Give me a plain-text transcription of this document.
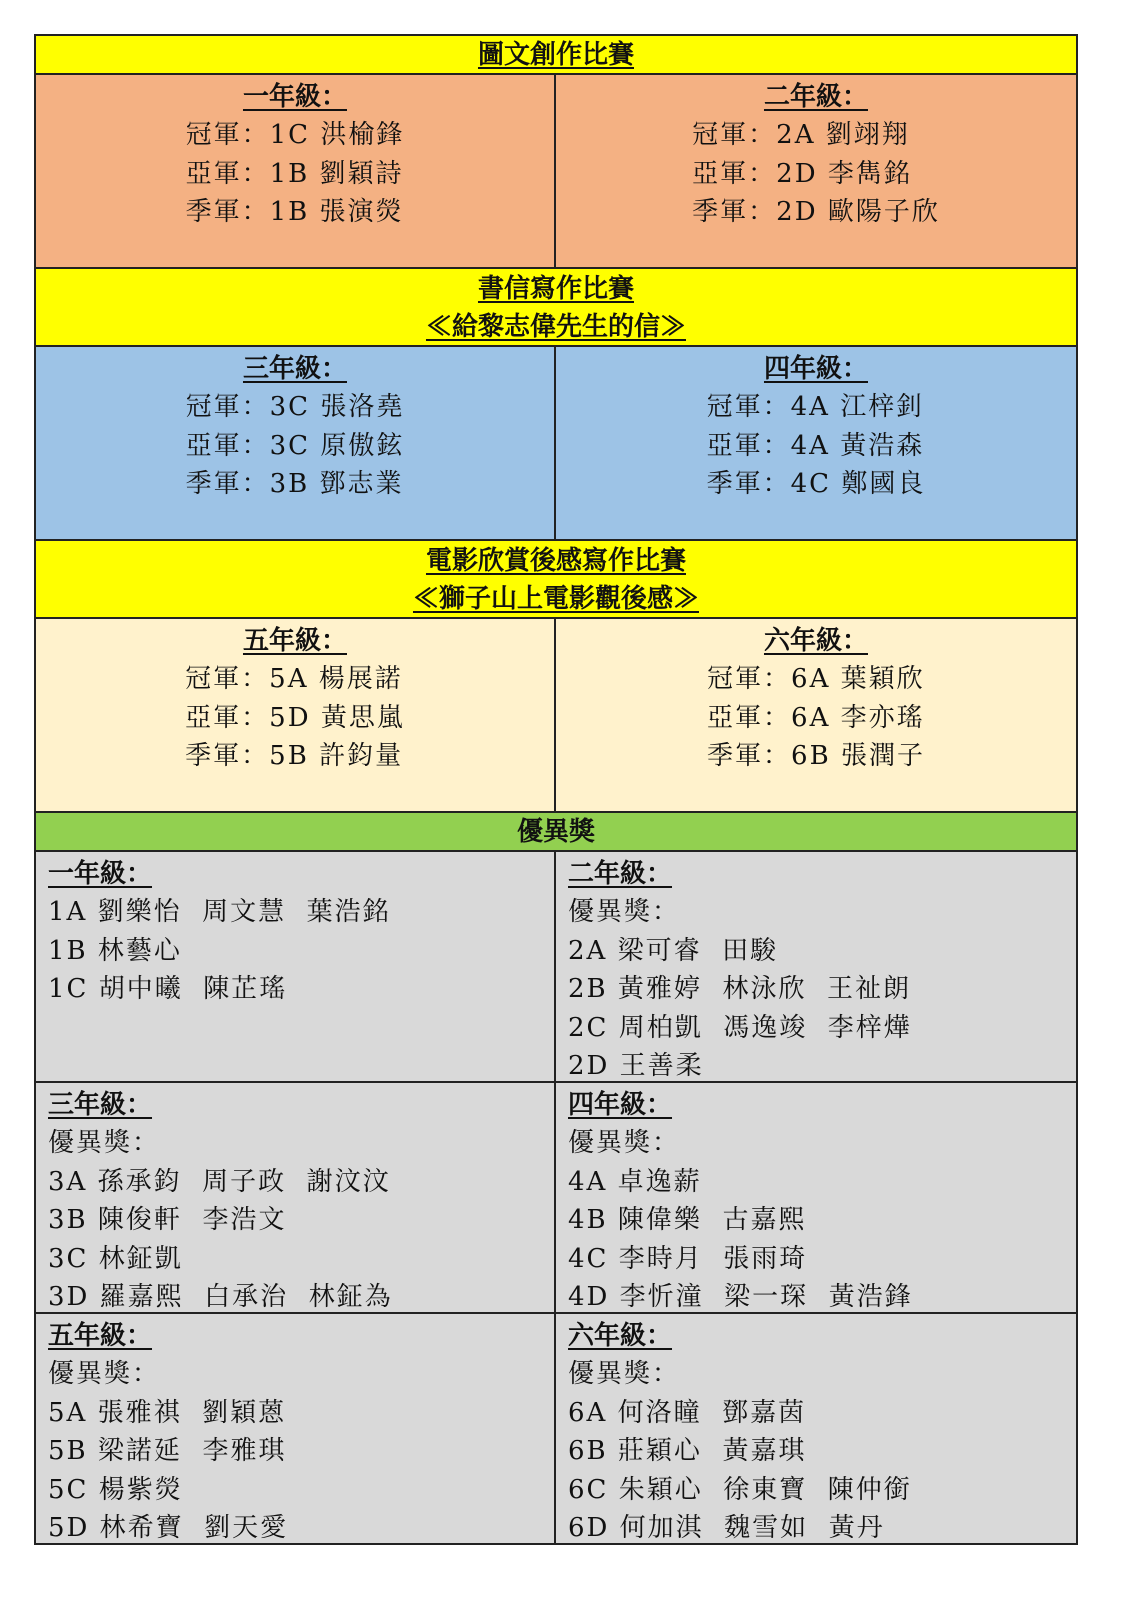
圖文創作比賽
一年級：
冠軍：1C 洪榆鋒
亞軍：1B 劉穎詩
季軍：1B 張演熒
二年級：
冠軍：2A 劉翊翔
亞軍：2D 李雋銘
季軍：2D 歐陽子欣
書信寫作比賽
≪給黎志偉先生的信≫
三年級：
冠軍：3C 張洛堯
亞軍：3C 原傲鉉
季軍：3B 鄧志業
四年級：
冠軍：4A 江梓釗
亞軍：4A 黃浩森
季軍：4C 鄭國良
電影欣賞後感寫作比賽
≪獅子山上電影觀後感≫
五年級：
冠軍：5A 楊展諾
亞軍：5D 黃思嵐
季軍：5B 許鈞量
六年級：
冠軍：6A 葉穎欣
亞軍：6A 李亦瑤
季軍：6B 張潤子
優異獎
一年級：
1A 劉樂怡  周文慧  葉浩銘
1B 林藝心
1C 胡中曦  陳芷瑤
二年級：
優異獎：
2A 梁可睿  田駿
2B 黃雅婷  林泳欣  王祉朗
2C 周柏凱  馮逸竣  李梓燁
2D 王善柔
三年級：
優異獎：
3A 孫承鈞  周子政  謝汶汶
3B 陳俊軒  李浩文
3C 林鉦凱
3D 羅嘉熙  白承治  林鉦為
四年級：
優異獎：
4A 卓逸薪
4B 陳偉樂  古嘉熙
4C 李時月  張雨琦
4D 李忻潼  梁一琛  黃浩鋒
五年級：
優異獎：
5A 張雅祺  劉穎蒽
5B 梁諾延  李雅琪
5C 楊紫熒
5D 林希寶  劉天愛
六年級：
優異獎：
6A 何洛瞳  鄧嘉茵
6B 莊穎心  黃嘉琪
6C 朱穎心  徐東寶  陳仲銜
6D 何加淇  魏雪如  黃丹
